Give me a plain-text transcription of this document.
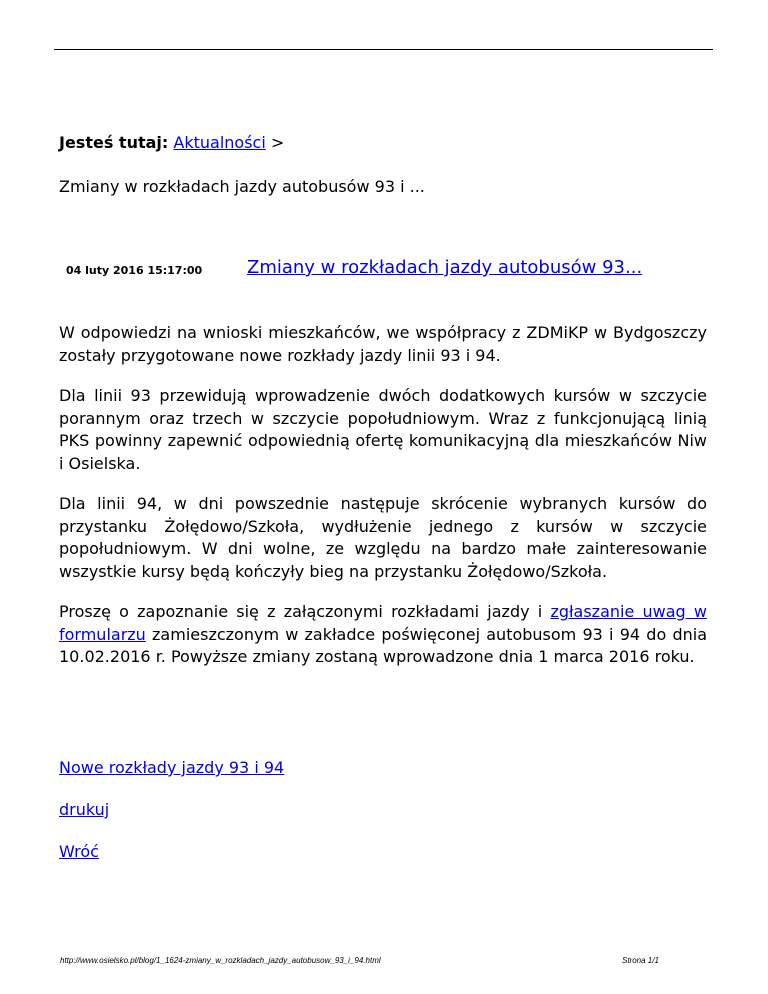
Jesteś tutaj: Aktualności >
Zmiany w rozkładach jazdy autobusów 93 i ...
04 luty 2016 15:17:00 Zmiany w rozkładach jazdy autobusów 93...

W odpowiedzi na wnioski mieszkańców, we współpracy z ZDMiKP w Bydgoszczy zostały przygotowane nowe rozkłady jazdy linii 93 i 94.

Dla linii 93 przewidują wprowadzenie dwóch dodatkowych kursów w szczycie porannym oraz trzech w szczycie popołudniowym. Wraz z funkcjonującą linią PKS powinny zapewnić odpowiednią ofertę komunikacyjną dla mieszkańców Niw i Osielska.

Dla linii 94, w dni powszednie następuje skrócenie wybranych kursów do przystanku Żołędowo/Szkoła, wydłużenie jednego z kursów w szczycie popołudniowym. W dni wolne, ze względu na bardzo małe zainteresowanie wszystkie kursy będą kończyły bieg na przystanku Żołędowo/Szkoła.

Proszę o zapoznanie się z załączonymi rozkładami jazdy i zgłaszanie uwag w formularzu zamieszczonym w zakładce poświęconej autobusom 93 i 94 do dnia 10.02.2016 r. Powyższe zmiany zostaną wprowadzone dnia 1 marca 2016 roku.

Nowe rozkłady jazdy 93 i 94
drukuj
Wróć
http://www.osielsko.pl/blog/1_1624-zmiany_w_rozkladach_jazdy_autobusow_93_i_94.html	Strona 1/1
